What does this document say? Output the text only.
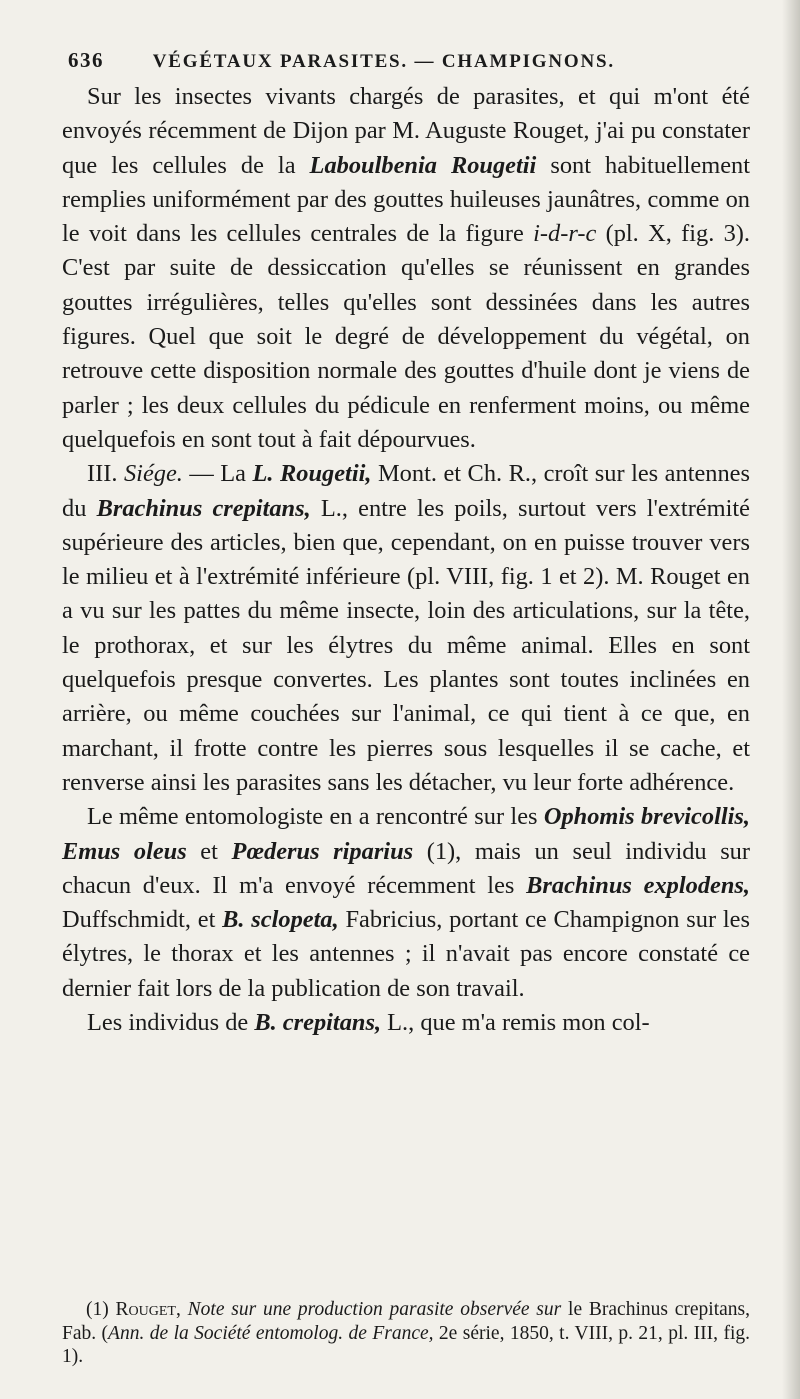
636	VÉGÉTAUX PARASITES. — CHAMPIGNONS.

Sur les insectes vivants chargés de parasites, et qui m'ont été envoyés récemment de Dijon par M. Auguste Rouget, j'ai pu constater que les cellules de la Laboulbenia Rougetii sont habituellement remplies uniformément par des gouttes huileuses jaunâtres, comme on le voit dans les cellules centrales de la figure i-d-r-c (pl. X, fig. 3). C'est par suite de dessiccation qu'elles se réunissent en grandes gouttes irrégulières, telles qu'elles sont dessinées dans les autres figures. Quel que soit le degré de développement du végétal, on retrouve cette disposition normale des gouttes d'huile dont je viens de parler ; les deux cellules du pédicule en renferment moins, ou même quelquefois en sont tout à fait dépourvues.

III. Siége. — La L. Rougetii, Mont. et Ch. R., croît sur les antennes du Brachinus crepitans, L., entre les poils, surtout vers l'extrémité supérieure des articles, bien que, cependant, on en puisse trouver vers le milieu et à l'extrémité inférieure (pl. VIII, fig. 1 et 2). M. Rouget en a vu sur les pattes du même insecte, loin des articulations, sur la tête, le prothorax, et sur les élytres du même animal. Elles en sont quelquefois presque convertes. Les plantes sont toutes inclinées en arrière, ou même couchées sur l'animal, ce qui tient à ce que, en marchant, il frotte contre les pierres sous lesquelles il se cache, et renverse ainsi les parasites sans les détacher, vu leur forte adhérence.

Le même entomologiste en a rencontré sur les Ophomis brevicollis, Emus oleus et Pœderus riparius (1), mais un seul individu sur chacun d'eux. Il m'a envoyé récemment les Brachinus explodens, Duffschmidt, et B. sclopeta, Fabricius, portant ce Champignon sur les élytres, le thorax et les antennes ; il n'avait pas encore constaté ce dernier fait lors de la publication de son travail.

Les individus de B. crepitans, L., que m'a remis mon col-

(1) Rouget, Note sur une production parasite observée sur le Brachinus crepitans, Fab. (Ann. de la Société entomolog. de France, 2e série, 1850, t. VIII, p. 21, pl. III, fig. 1).
